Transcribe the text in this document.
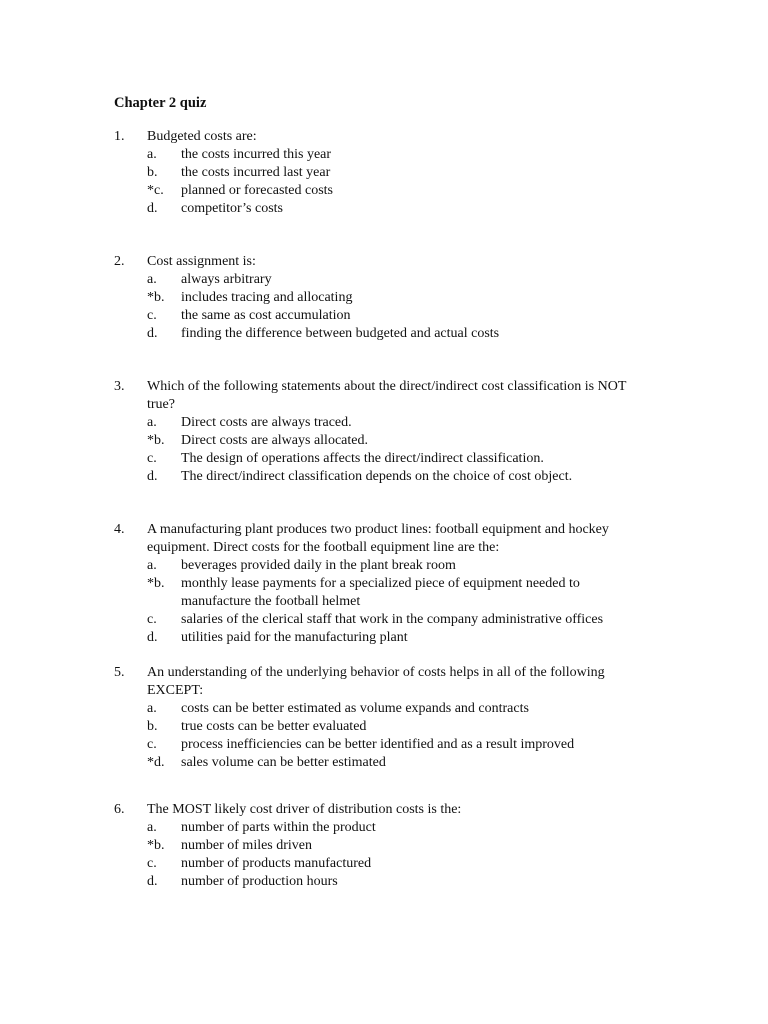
Chapter 2 quiz
1. Budgeted costs are:
a. the costs incurred this year
b. the costs incurred last year
*c. planned or forecasted costs
d. competitor’s costs
2. Cost assignment is:
a. always arbitrary
*b. includes tracing and allocating
c. the same as cost accumulation
d. finding the difference between budgeted and actual costs
3. Which of the following statements about the direct/indirect cost classification is NOT true?
a. Direct costs are always traced.
*b. Direct costs are always allocated.
c. The design of operations affects the direct/indirect classification.
d. The direct/indirect classification depends on the choice of cost object.
4. A manufacturing plant produces two product lines: football equipment and hockey equipment. Direct costs for the football equipment line are the:
a. beverages provided daily in the plant break room
*b. monthly lease payments for a specialized piece of equipment needed to manufacture the football helmet
c. salaries of the clerical staff that work in the company administrative offices
d. utilities paid for the manufacturing plant
5. An understanding of the underlying behavior of costs helps in all of the following EXCEPT:
a. costs can be better estimated as volume expands and contracts
b. true costs can be better evaluated
c. process inefficiencies can be better identified and as a result improved
*d. sales volume can be better estimated
6. The MOST likely cost driver of distribution costs is the:
a. number of parts within the product
*b. number of miles driven
c. number of products manufactured
d. number of production hours
